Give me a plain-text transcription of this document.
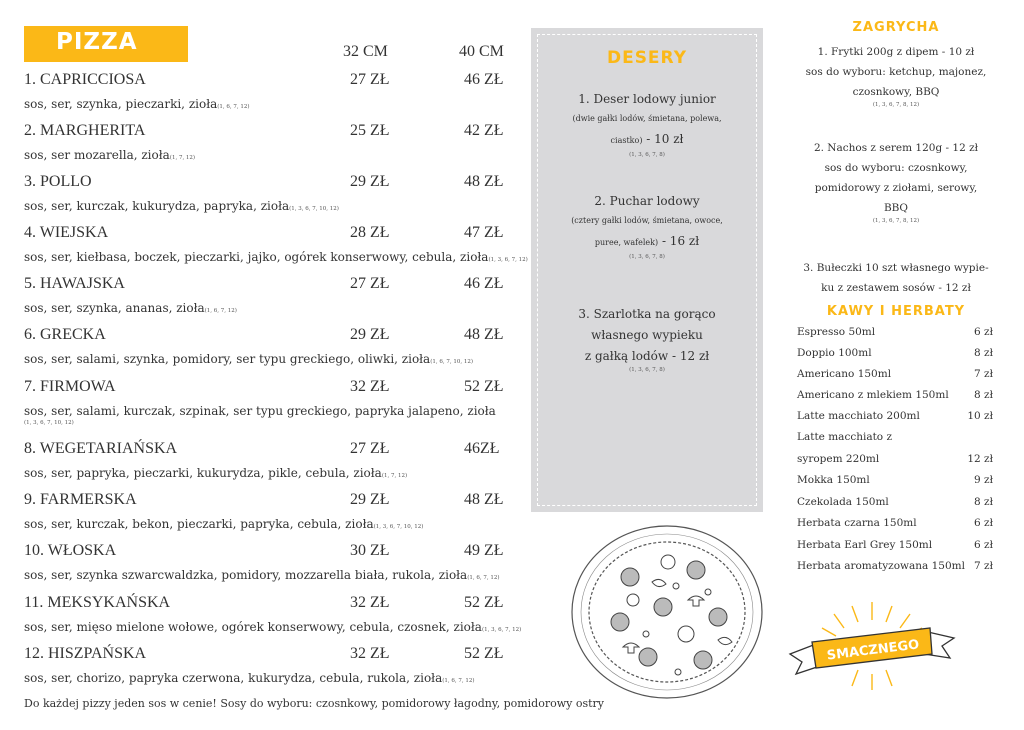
PIZZA	32 CM	40 CM
1. CAPRICCIOSA	27 ZŁ	46 ZŁ
sos, ser, szynka, pieczarki, zioła(1, 6, 7, 12)
2. MARGHERITA	25 ZŁ	42 ZŁ
sos, ser mozarella, zioła(1, 7, 12)
3. POLLO	29 ZŁ	48 ZŁ
sos, ser, kurczak, kukurydza, papryka, zioła(1, 3, 6, 7, 10, 12)
4. WIEJSKA	28 ZŁ	47 ZŁ
sos, ser, kiełbasa, boczek, pieczarki, jajko, ogórek konserwowy, cebula, zioła(1, 3, 6, 7, 12)
5. HAWAJSKA	27 ZŁ	46 ZŁ
sos, ser, szynka, ananas, zioła(1, 6, 7, 12)
6. GRECKA	29 ZŁ	48 ZŁ
sos, ser, salami, szynka, pomidory, ser typu greckiego, oliwki, zioła(1, 6, 7, 10, 12)
7. FIRMOWA	32 ZŁ	52 ZŁ
sos, ser, salami, kurczak, szpinak, ser typu greckiego, papryka jalapeno, zioła
(1, 3, 6, 7, 10, 12)
8. WEGETARIAŃSKA	27 ZŁ	46ZŁ
sos, ser, papryka, pieczarki, kukurydza, pikle, cebula, zioła(1, 7, 12)
9. FARMERSKA	29 ZŁ	48 ZŁ
sos, ser, kurczak, bekon, pieczarki, papryka, cebula, zioła(1, 3, 6, 7, 10, 12)
10. WŁOSKA	30 ZŁ	49 ZŁ
sos, ser, szynka szwarcwaldzka, pomidory, mozzarella biała, rukola, zioła(1, 6, 7, 12)
11. MEKSYKAŃSKA	32 ZŁ	52 ZŁ
sos, ser, mięso mielone wołowe, ogórek konserwowy, cebula, czosnek, zioła(1, 3, 6, 7, 12)
12. HISZPAŃSKA	32 ZŁ	52 ZŁ
sos, ser, chorizo, papryka czerwona, kukurydza, cebula, rukola, zioła(1, 6, 7, 12)
Do każdej pizzy jeden sos w cenie! Sosy do wyboru: czosnkowy, pomidorowy łagodny, pomidorowy ostry
DESERY
1. Deser lodowy junior
(dwie gałki lodów, śmietana, polewa,
ciastko) - 10 zł
(1, 3, 6, 7, 8)
2. Puchar lodowy
(cztery gałki lodów, śmietana, owoce,
puree, wafelek) - 16 zł
(1, 3, 6, 7, 8)
3. Szarlotka na gorąco
własnego wypieku
z gałką lodów - 12 zł
(1, 3, 6, 7, 8)
ZAGRYCHA
1. Frytki 200g z dipem - 10 zł
sos do wyboru: ketchup, majonez,
czosnkowy, BBQ
(1, 3, 6, 7, 8, 12)
2. Nachos z serem 120g - 12 zł
sos do wyboru: czosnkowy,
pomidorowy z ziołami, serowy,
BBQ
(1, 3, 6, 7, 8, 12)
3. Bułeczki 10 szt własnego wypie-
ku z zestawem sosów - 12 zł
KAWY I HERBATY
Espresso 50ml	6 zł
Doppio 100ml	8 zł
Americano 150ml	7 zł
Americano z mlekiem 150ml 8 zł
Latte macchiato 200ml	10 zł
Latte macchiato z
syropem 220ml	12 zł
Mokka 150ml	9 zł
Czekolada 150ml	8 zł
Herbata czarna 150ml	6 zł
Herbata Earl Grey 150ml	6 zł
Herbata aromatyzowana 150ml 7 zł
SMACZNEGO
